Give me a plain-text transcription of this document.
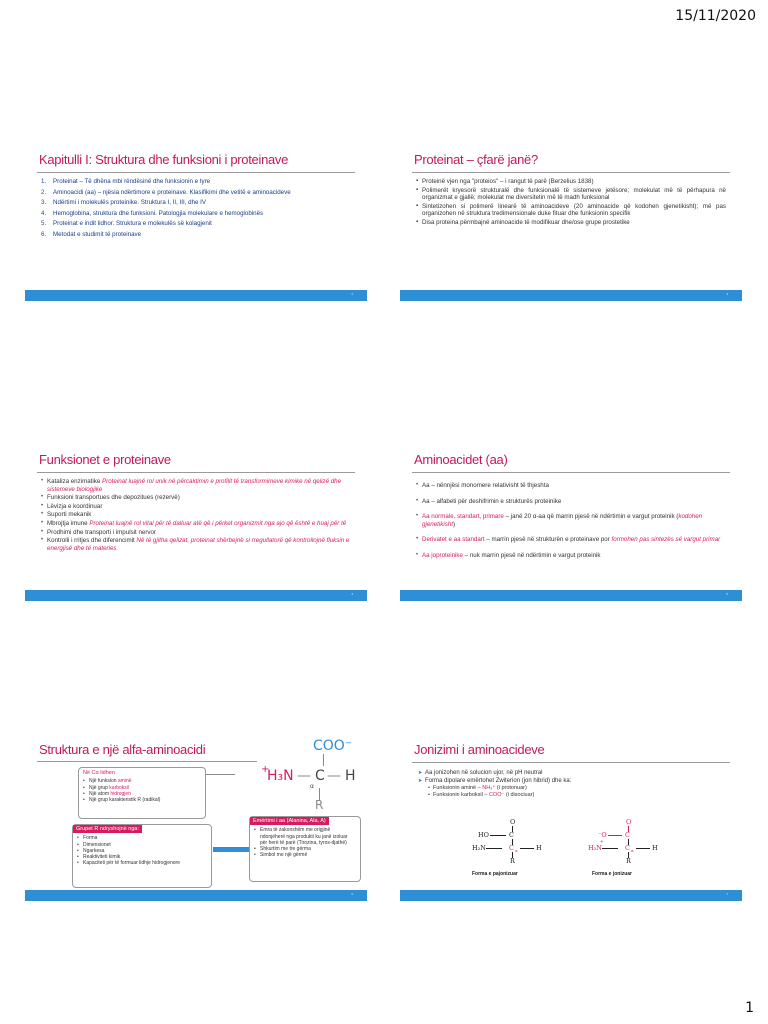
15/11/2020
Kapitulli I: Struktura dhe funksioni i proteinave
1. Proteinat – Të dhëna mbi rëndësinë dhe funksionin e tyre
2. Aminoacidi (aa) – njësia ndërtimore e proteinave. Klasifikimi dhe vetitë e aminoacideve
3. Ndërtimi i molekulës proteinike. Struktura I, II, III, dhe IV
4. Hemoglobina, struktura dhe funksioni. Patologjia molekulare e hemoglobinës
5. Proteinat e indit lidhor. Struktura e molekulës së kolagjenit
6. Metodat e studimit të proteinave
2
Proteinat – çfarë janë?
▪ Proteinë vjen nga "proteios" – i rangut të parë (Berzelius 1838)
▪ Polimerët kryesorë strukturalë dhe funksionalë të sistemeve jetësore; molekulat më të përhapura në organizmat e gjallë; molekulat me diversitetin më të madh funksional
▪ Sintetizohen si polimerë linearë të aminoacideve (20 aminoacide që kodohen gjenetikisht); më pas organizohen në struktura tredimensionale duke fituar dhe funksionin specifik
▪ Disa proteina përmbajnë aminoacide të modifikuar dhe/ose grupe prostetike
3
Funksionet e proteinave
• Kataliza enzimatike Proteinat luajnë rol unik në përcaktimin e profilit të transformimeve kimike në qelizë dhe sistemeve biologjike
• Funksioni transportues dhe depozitues (rezervë)
• Lëvizja e koordinuar
• Suporti mekanik
• Mbrojtja imune Proteinat luajnë rol vital për të dalluar atë që i përket organizmit nga ajo që është e huaj për të
• Prodhimi dhe transporti i impulsit nervor
• Kontrolli i rritjes dhe diferencimit Në të gjitha qelizat, proteinat shërbejnë si rregullatorë që kontrollojnë fluksin e energjisë dhe të materies
4
Aminoacidet (aa)
• Aa – nënnjësi monomere relativisht të thjeshta
• Aa – alfabeti për deshifrimin e strukturës proteinike
• Aa normale, standart, primare – janë 20 α-aa që marrin pjesë në ndërtimin e vargut proteinik (kodohen gjenetikisht)
• Derivatet e aa standart – marrin pjesë në strukturën e proteinave por formohen pas sintezës së vargut primar
• Aa joproteinike – nuk marrin pjesë në ndërtimin e vargut proteinik
5
Struktura e një alfa-aminoacidi	COO⁻
+
H₃N — C
α
— H
R
Në Cα lidhen
• Një funksion aminë
• Një grup karboksil
• Një atom hidrogjen
• Një grup karakteristik R (radikal)
Grupet R ndryshojnë nga:
• Forma
• Dimensionet
• Ngarkesa
• Reaktiviteti kimik
• Kapaciteti për të formuar lidhje hidrogjenore
Emërtimi i aa (Alanina, Ala, A)
• Emra të zakonshëm me origjinë ndonjëherë nga produkti ku janë izoluar për herë të parë (Tirozina, tyros-djathë)
• Shkurtim me tre gërma
• Simbol me një gërmë
6
Jonizimi i aminoacideve
➤ Aa jonizohen në solucion ujor, në pH neutral
➤ Forma dipolare emërtohet Zwiterion (jon hibrid) dhe ka:
• Funksionin aminë – NH₃⁺ (i protonuar)
• Funksionin karboksil – COO⁻ (i disociuar)
O
HO	C
H₂N	C α	H
R
Forma e pajonizuar
O
⁻O	C
+
H₃N	C α	H
R
Forma e jonizuar
7
1
